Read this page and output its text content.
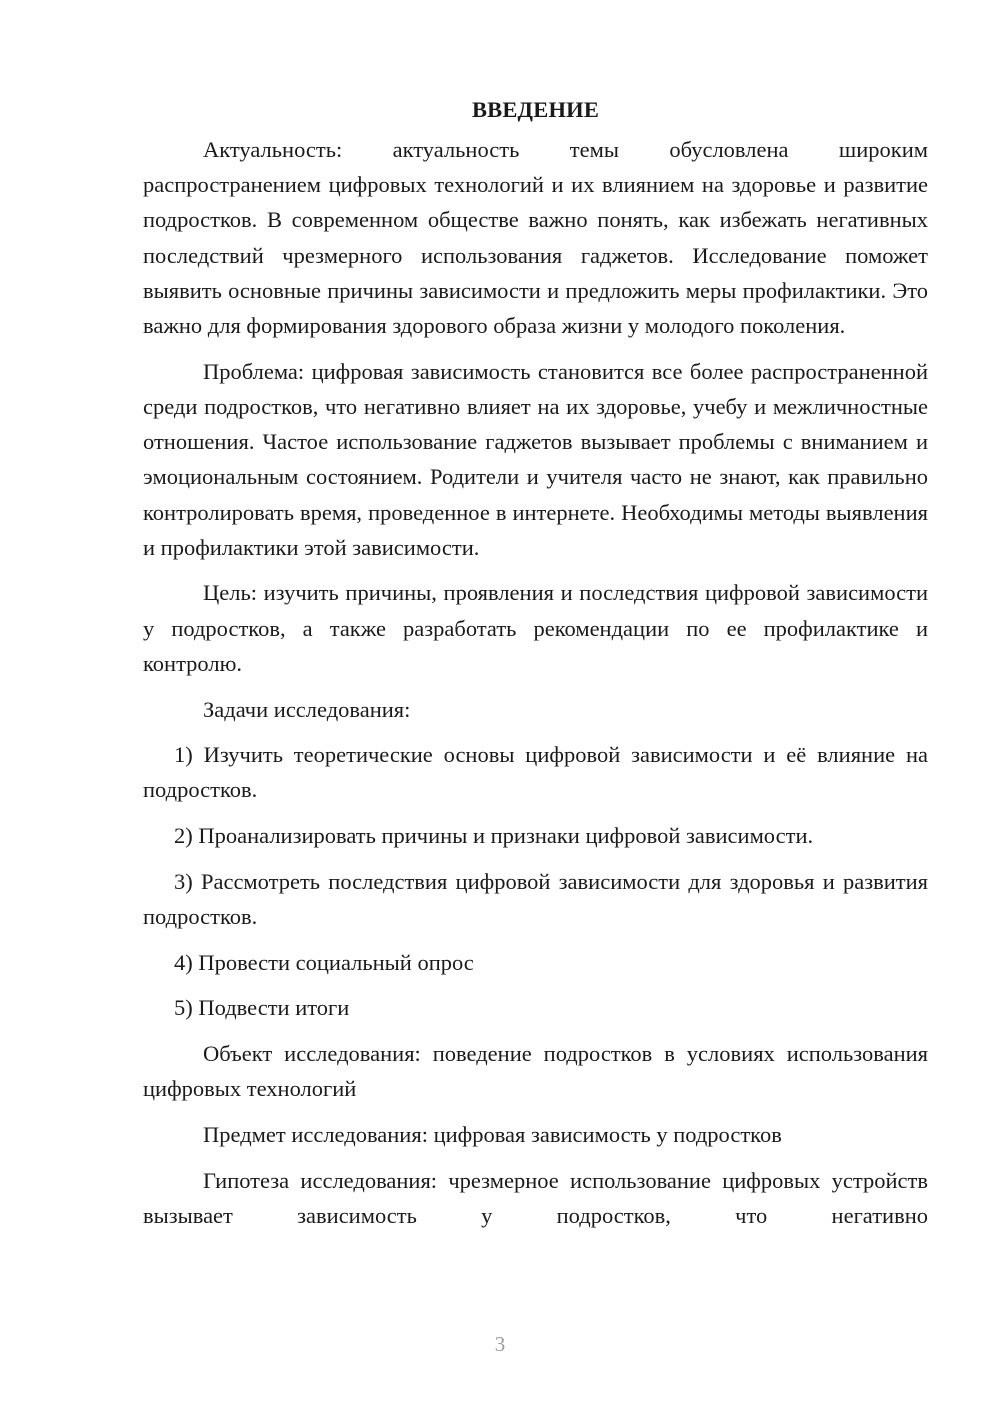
ВВЕДЕНИЕ

Актуальность: актуальность темы обусловлена широким распространением цифровых технологий и их влиянием на здоровье и развитие подростков. В современном обществе важно понять, как избежать негативных последствий чрезмерного использования гаджетов. Исследование поможет выявить основные причины зависимости и предложить меры профилактики. Это важно для формирования здорового образа жизни у молодого поколения.

Проблема: цифровая зависимость становится все более распространенной среди подростков, что негативно влияет на их здоровье, учебу и межличностные отношения. Частое использование гаджетов вызывает проблемы с вниманием и эмоциональным состоянием. Родители и учителя часто не знают, как правильно контролировать время, проведенное в интернете. Необходимы методы выявления и профилактики этой зависимости.

Цель: изучить причины, проявления и последствия цифровой зависимости у подростков, а также разработать рекомендации по ее профилактике и контролю.

Задачи исследования:

1) Изучить теоретические основы цифровой зависимости и её влияние на подростков.

2) Проанализировать причины и признаки цифровой зависимости.

3) Рассмотреть последствия цифровой зависимости для здоровья и развития подростков.

4) Провести социальный опрос

5) Подвести итоги

Объект исследования: поведение подростков в условиях использования цифровых технологий

Предмет исследования: цифровая зависимость у подростков

Гипотеза исследования: чрезмерное использование цифровых устройств вызывает зависимость у подростков, что негативно

3
